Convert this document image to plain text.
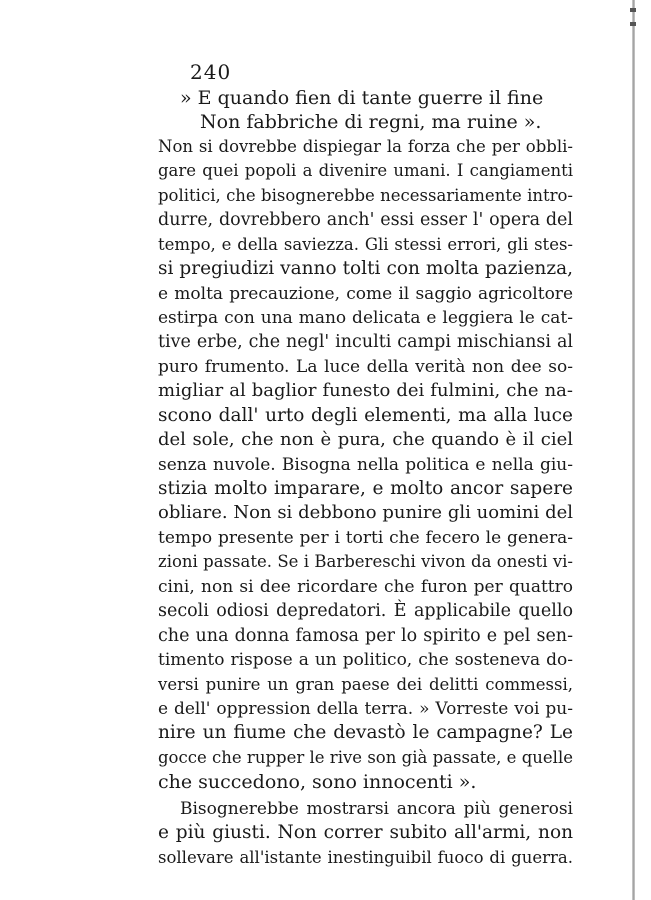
240
» E quando fien di tante guerre il fine
Non fabbriche di regni, ma ruine ».
Non si dovrebbe dispiegar la forza che per obbli-
gare quei popoli a divenire umani. I cangiamenti
politici, che bisognerebbe necessariamente intro-
durre, dovrebbero anch' essi esser l' opera del
tempo, e della saviezza. Gli stessi errori, gli stes-
si pregiudizi vanno tolti con molta pazienza,
e molta precauzione, come il saggio agricoltore
estirpa con una mano delicata e leggiera le cat-
tive erbe, che negl' inculti campi mischiansi al
puro frumento. La luce della verità non dee so-
migliar al baglior funesto dei fulmini, che na-
scono dall' urto degli elementi, ma alla luce
del sole, che non è pura, che quando è il ciel
senza nuvole. Bisogna nella politica e nella giu-
stizia molto imparare, e molto ancor sapere
obliare. Non si debbono punire gli uomini del
tempo presente per i torti che fecero le genera-
zioni passate. Se i Barbereschi vivon da onesti vi-
cini, non si dee ricordare che furon per quattro
secoli odiosi depredatori. È applicabile quello
che una donna famosa per lo spirito e pel sen-
timento rispose a un politico, che sosteneva do-
versi punire un gran paese dei delitti commessi,
e dell' oppression della terra. » Vorreste voi pu-
nire un fiume che devastò le campagne? Le
gocce che rupper le rive son già passate, e quelle
che succedono, sono innocenti ».
Bisognerebbe mostrarsi ancora più generosi
e più giusti. Non correr subito all'armi, non
sollevare all'istante inestinguibil fuoco di guerra.
